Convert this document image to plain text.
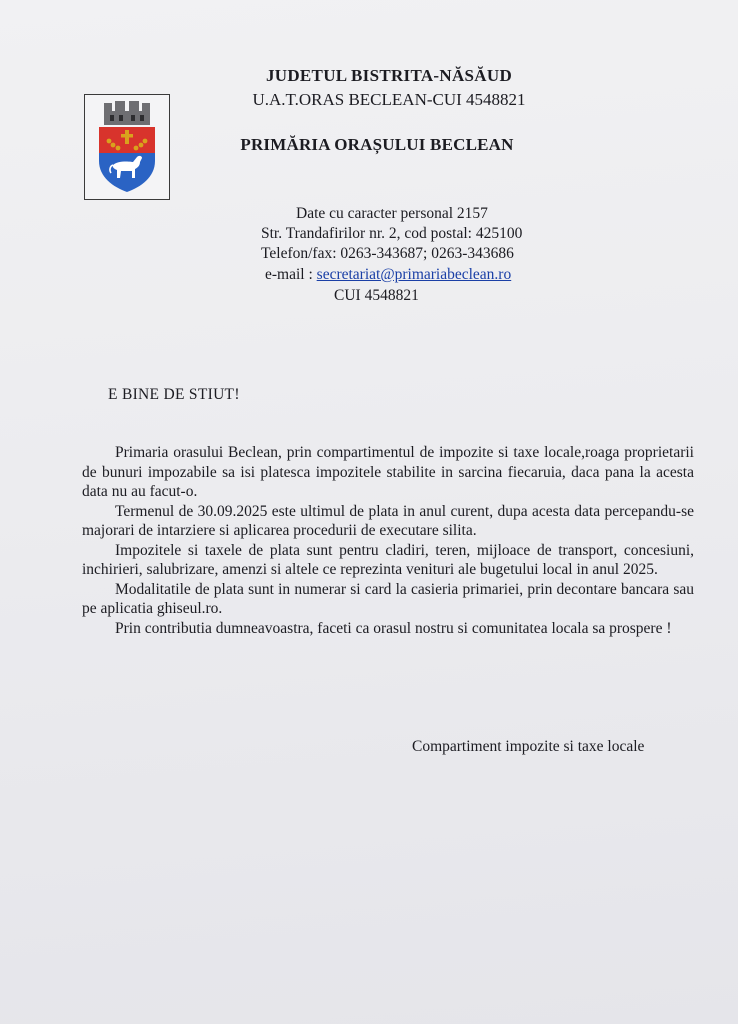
JUDETUL BISTRITA-NĂSĂUD
U.A.T.ORAS BECLEAN-CUI 4548821
PRIMĂRIA ORAȘULUI BECLEAN
Date cu caracter personal 2157
Str. Trandafirilor nr. 2, cod postal: 425100
Telefon/fax: 0263-343687; 0263-343686
e-mail : secretariat@primariabeclean.ro
CUI 4548821
E BINE DE STIUT!

Primaria orasului Beclean, prin compartimentul de impozite si taxe locale,roaga proprietarii de bunuri impozabile sa isi platesca impozitele stabilite in sarcina fiecaruia, daca pana la acesta data nu au facut-o.

Termenul de 30.09.2025 este ultimul de plata in anul curent, dupa acesta data percepandu-se majorari de intarziere si aplicarea procedurii de executare silita.

Impozitele si taxele de plata sunt pentru cladiri, teren, mijloace de transport, concesiuni, inchirieri, salubrizare, amenzi si altele ce reprezinta venituri ale bugetului local in anul 2025.

Modalitatile de plata sunt in numerar si card la casieria primariei, prin decontare bancara sau pe aplicatia ghiseul.ro.

Prin contributia dumneavoastra, faceti ca orasul nostru si comunitatea locala sa prospere !

Compartiment impozite si taxe locale
